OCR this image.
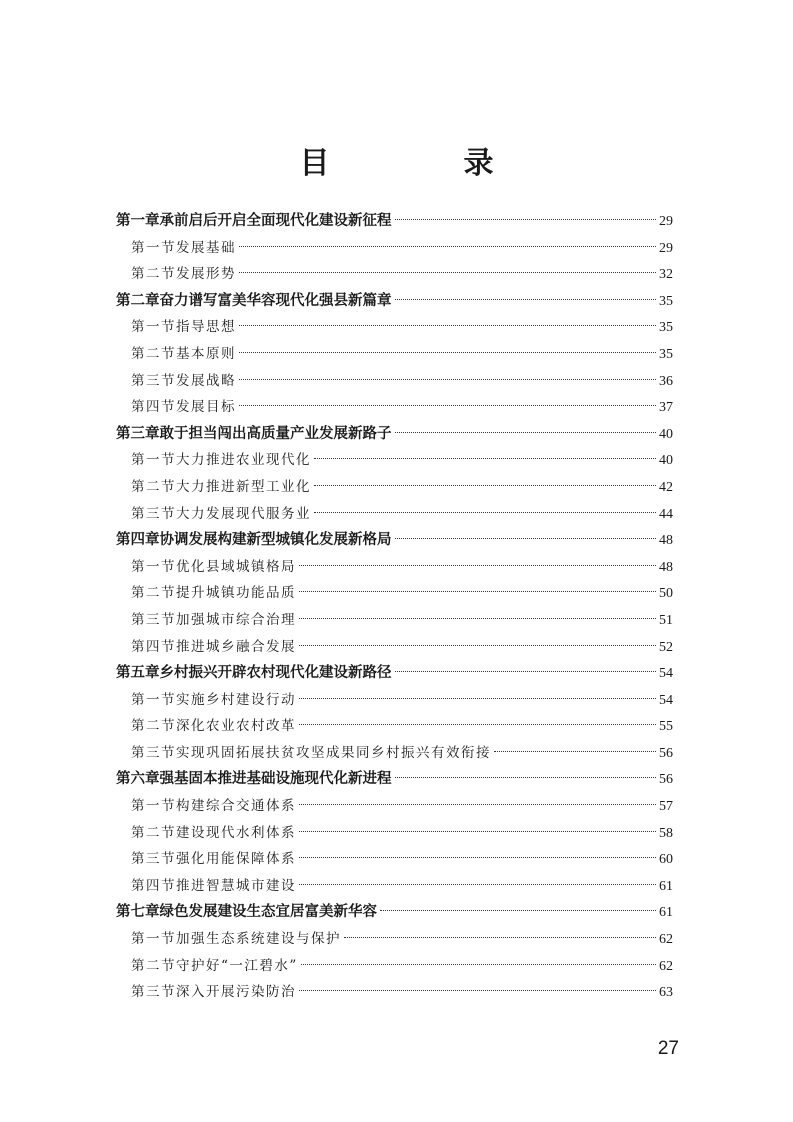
目　录
第一章承前启后开启全面现代化建设新征程	29
第一节发展基础	29
第二节发展形势	32
第二章奋力谱写富美华容现代化强县新篇章	35
第一节指导思想	35
第二节基本原则	35
第三节发展战略	36
第四节发展目标	37
第三章敢于担当闯出高质量产业发展新路子	40
第一节大力推进农业现代化	40
第二节大力推进新型工业化	42
第三节大力发展现代服务业	44
第四章协调发展构建新型城镇化发展新格局	48
第一节优化县域城镇格局	48
第二节提升城镇功能品质	50
第三节加强城市综合治理	51
第四节推进城乡融合发展	52
第五章乡村振兴开辟农村现代化建设新路径	54
第一节实施乡村建设行动	54
第二节深化农业农村改革	55
第三节实现巩固拓展扶贫攻坚成果同乡村振兴有效衔接	56
第六章强基固本推进基础设施现代化新进程	56
第一节构建综合交通体系	57
第二节建设现代水利体系	58
第三节强化用能保障体系	60
第四节推进智慧城市建设	61
第七章绿色发展建设生态宜居富美新华容	61
第一节加强生态系统建设与保护	62
第二节守护好“一江碧水”	62
第三节深入开展污染防治	63
27
